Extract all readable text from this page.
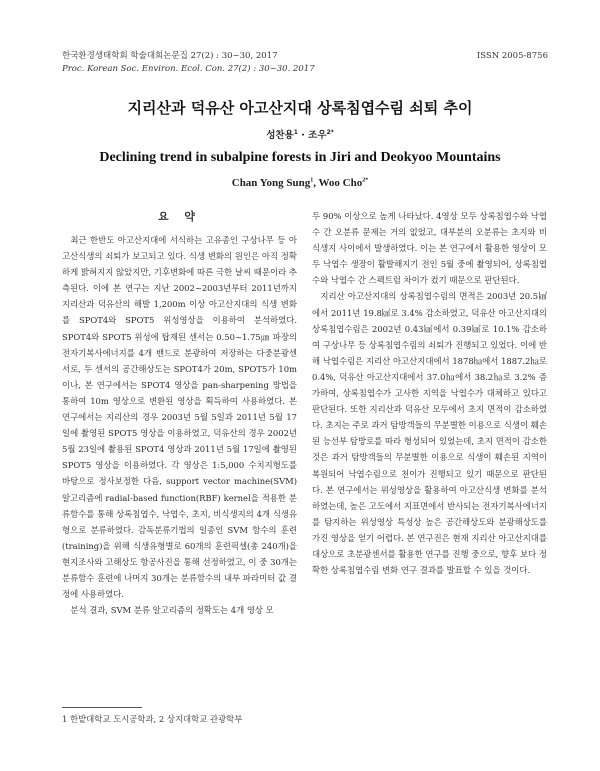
한국환경생태학회 학술대회논문집 27(2) : 30~30, 2017	ISSN 2005-8756
Proc. Korean Soc. Environ. Ecol. Con. 27(2) : 30~30. 2017
지리산과 덕유산 아고산지대 상록침엽수림 쇠퇴 추이
성찬용$^1$ · 조우$^{2*}$
Declining trend in subalpine forests in Jiri and Deokyoo Mountains
Chan Yong Sung$^1$, Woo Cho$^{2*}$
요 약

최근 한반도 아고산지대에 서식하는 고유종인 구상나무 등 아고산식생의 쇠퇴가 보고되고 있다. 식생 변화의 원인은 아직 정확하게 밝혀지지 않았지만, 기후변화에 따른 극한 날씨 때문이라 추측된다. 이에 본 연구는 지난 2002~2003년부터 2011년까지 지리산과 덕유산의 해발 1,200m 이상 아고산지대의 식생 변화를 SPOT4와 SPOT5 위성영상을 이용하여 분석하였다. SPOT4와 SPOT5 위성에 탑재된 센서는 0.50~1.75㎛ 파장의 전자기복사에너지를 4개 밴드로 분광하여 저장하는 다중분광센서로, 두 센서의 공간해상도는 SPOT4가 20m, SPOT5가 10m이나, 본 연구에서는 SPOT4 영상을 pan-sharpening 방법을 통하여 10m 영상으로 변환된 영상을 획득하여 사용하였다. 본 연구에서는 지리산의 경우 2003년 5월 5일과 2011년 5월 17일에 촬영된 SPOT5 영상을 이용하였고, 덕유산의 경우 2002년 5월 23일에 촬용된 SPOT4 영상과 2011년 5월 17일에 촬영된 SPOT5 영상을 이용하였다. 각 영상은 1:5,000 수치지형도를 바탕으로 정사보정한 다음, support vector machine(SVM) 알고리즘에 radial-based function(RBF) kernel을 적용한 분류함수를 통해 상록침엽수, 낙엽수, 초지, 비식생지의 4개 식생유형으로 분류하였다. 감독분류기법의 일종인 SVM 함수의 훈련(training)을 위해 식생유형별로 60개의 훈련픽셀(총 240개)을 현지조사와 고해상도 항공사진을 통해 선정하였고, 이 중 30개는 분류함수 훈련에 나머지 30개는 분류함수의 내부 파라미터 값 결정에 사용하였다.

분석 결과, SVM 분류 알고리즘의 정확도는 4개 영상 모

두 90% 이상으로 높게 나타났다. 4영상 모두 상록침엽수와 낙엽수 간 오분류 문제는 거의 없었고, 대부분의 오분류는 초지와 비식생지 사이에서 발생하였다. 이는 본 연구에서 활용한 영상이 모두 낙엽수 생장이 활발해지기 전인 5월 중에 촬영되어, 상록침엽수와 낙엽수 간 스펙트럼 차이가 컸기 때문으로 판단된다.

지리산 아고산지대의 상록침엽수림의 면적은 2003년 20.5㎢에서 2011년 19.8㎢로 3.4% 감소하였고, 덕유산 아고산지대의 상록침엽수림은 2002년 0.43㎢에서 0.39㎢로 10.1% 감소하여 구상나무 등 상록침엽수림의 쇠퇴가 진행되고 있었다. 이에 반해 낙엽수림은 지리산 아고산지대에서 1878㏊에서 1887.2㏊로 0.4%, 덕유산 아고산지대에서 37.0㏊에서 38.2㏊로 3.2% 증가하여, 상록침엽수가 고사한 지역을 낙엽수가 대체하고 있다고 판단된다. 또한 지리산과 덕유산 모두에서 초지 면적이 감소하였다. 초지는 주로 과거 탐방객들의 무분별한 이용으로 식생이 훼손된 능선부 탐방로를 따라 형성되어 있었는데, 초지 면적이 감소한 것은 과거 탐방객들의 무분별한 이용으로 식생이 훼손된 지역이 복원되어 낙엽수림으로 천이가 진행되고 있기 때문으로 판단된다. 본 연구에서는 위성영상을 활용하여 아고산식생 변화를 분석하였는데, 높은 고도에서 지표면에서 반사되는 전자기복사에너지를 탐지하는 위성영상 특성상 높은 공간해상도와 분광해상도를 가진 영상을 얻기 어렵다. 본 연구진은 현재 지리산 아고산지대를 대상으로 초분광센서를 활용한 연구를 진행 중으로, 향후 보다 정확한 상록침엽수림 변화 연구 결과를 발표할 수 있을 것이다.

1 한밭대학교 도시공학과, 2 상지대학교 관광학부
